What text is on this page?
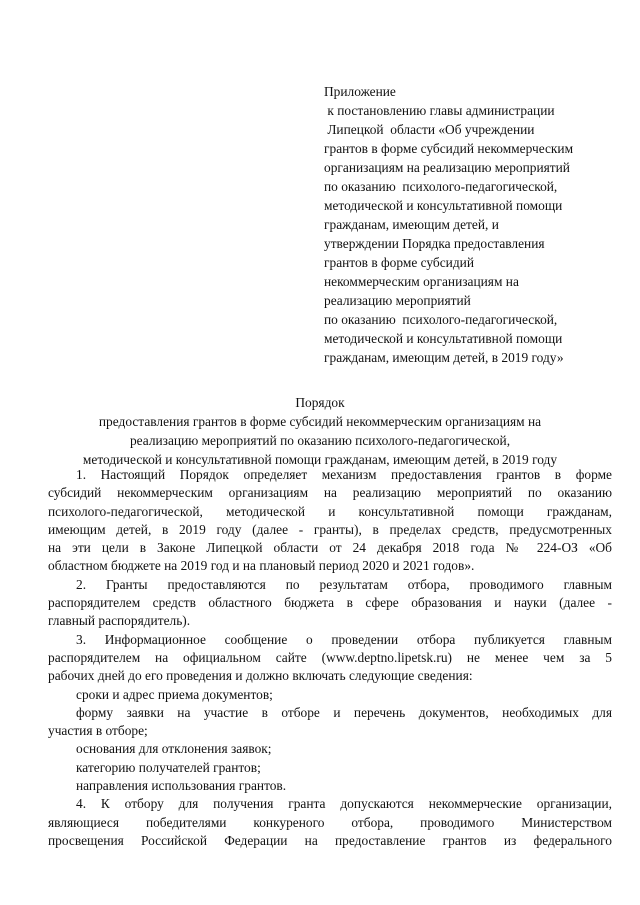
Приложение
к постановлению главы администрации
Липецкой  области «Об учреждении
грантов в форме субсидий некоммерческим
организациям на реализацию мероприятий
по оказанию  психолого-педагогической,
методической и консультативной помощи
гражданам, имеющим детей, и
утверждении Порядка предоставления
грантов в форме субсидий
некоммерческим организациям на
реализацию мероприятий
по оказанию  психолого-педагогической,
методической и консультативной помощи
гражданам, имеющим детей, в 2019 году»
Порядок
предоставления грантов в форме субсидий некоммерческим организациям на
реализацию мероприятий по оказанию психолого-педагогической,
методической и консультативной помощи гражданам, имеющим детей, в 2019 году

1. Настоящий Порядок определяет механизм предоставления грантов в форме

субсидий некоммерческим организациям на реализацию мероприятий по оказанию

психолого-педагогической, методической и консультативной помощи гражданам,

имеющим детей, в 2019 году (далее - гранты), в пределах средств, предусмотренных

на эти цели в Законе Липецкой области от 24 декабря 2018 года № 224-ОЗ «Об

областном бюджете на 2019 год и на плановый период 2020 и 2021 годов».

2. Гранты предоставляются по результатам отбора, проводимого главным

распорядителем средств областного бюджета в сфере образования и науки (далее -

главный распорядитель).

3. Информационное сообщение о проведении отбора публикуется главным

распорядителем на официальном сайте (www.deptno.lipetsk.ru) не менее чем за 5

рабочих дней до его проведения и должно включать следующие сведения:

сроки и адрес приема документов;

форму заявки на участие в отборе и перечень документов, необходимых для

участия в отборе;

основания для отклонения заявок;

категорию получателей грантов;

направления использования грантов.

4. К отбору для получения гранта допускаются некоммерческие организации,

являющиеся победителями конкуреного отбора, проводимого Министерством

просвещения Российской Федерации на предоставление грантов из федерального
